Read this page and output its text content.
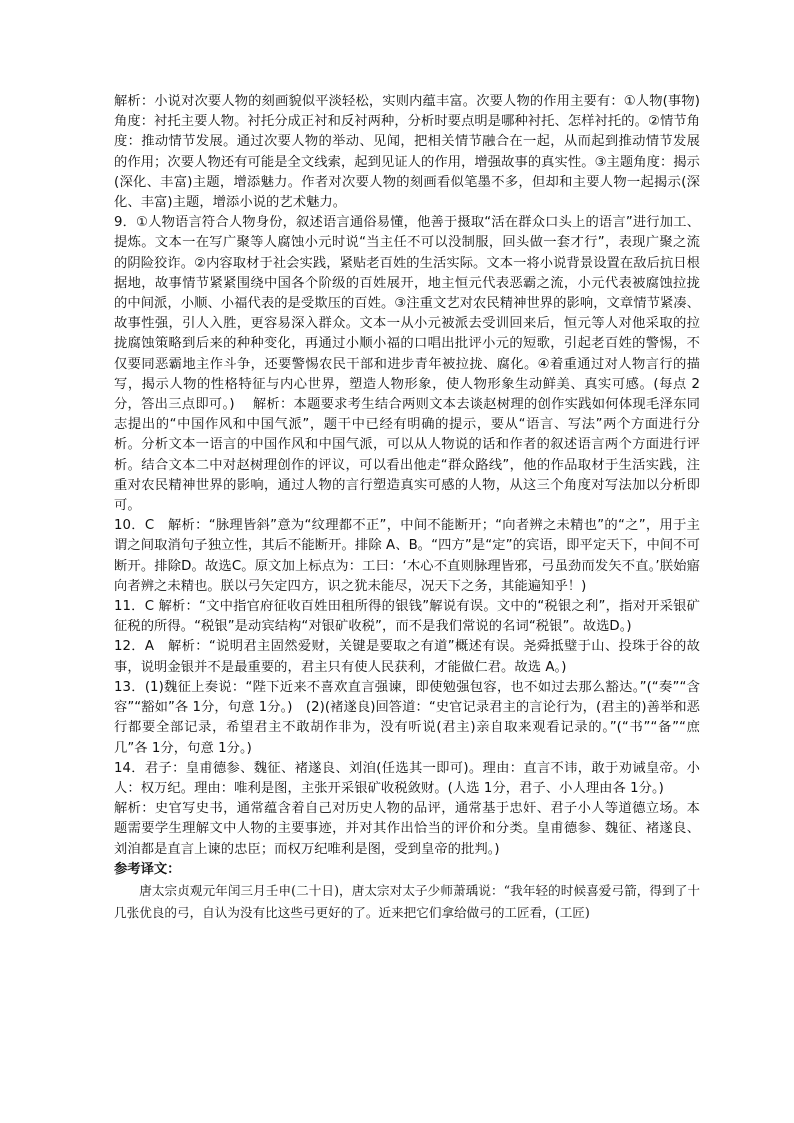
解析：小说对次要人物的刻画貌似平淡轻松，实则内蕴丰富。次要人物的作用主要有：①人物(事物)角度：衬托主要人物。衬托分成正衬和反衬两种，分析时要点明是哪种衬托、怎样衬托的。②情节角度：推动情节发展。通过次要人物的举动、见闻，把相关情节融合在一起，从而起到推动情节发展的作用；次要人物还有可能是全文线索，起到见证人的作用，增强故事的真实性。③主题角度：揭示(深化、丰富)主题，增添魅力。作者对次要人物的刻画看似笔墨不多，但却和主要人物一起揭示(深化、丰富)主题，增添小说的艺术魅力。

9．①人物语言符合人物身份，叙述语言通俗易懂，他善于摄取“活在群众口头上的语言”进行加工、提炼。文本一在写广聚等人腐蚀小元时说“当主任不可以没制服，回头做一套才行”，表现广聚之流的阴险狡诈。②内容取材于社会实践，紧贴老百姓的生活实际。文本一将小说背景设置在敌后抗日根据地，故事情节紧紧围绕中国各个阶级的百姓展开，地主恒元代表恶霸之流，小元代表被腐蚀拉拢的中间派，小顺、小福代表的是受欺压的百姓。③注重文艺对农民精神世界的影响，文章情节紧凑、故事性强，引人入胜，更容易深入群众。文本一从小元被派去受训回来后，恒元等人对他采取的拉拢腐蚀策略到后来的种种变化，再通过小顺小福的口唱出批评小元的短歌，引起老百姓的警惕，不仅要同恶霸地主作斗争，还要警惕农民干部和进步青年被拉拢、腐化。④着重通过对人物言行的描写，揭示人物的性格特征与内心世界，塑造人物形象，使人物形象生动鲜美、真实可感。(每点 2分，答出三点即可。)　 解析：本题要求考生结合两则文本去谈赵树理的创作实践如何体现毛泽东同志提出的“中国作风和中国气派”，题干中已经有明确的提示，要从“语言、写法”两个方面进行分析。分析文本一语言的中国作风和中国气派，可以从人物说的话和作者的叙述语言两个方面进行评析。结合文本二中对赵树理创作的评议，可以看出他走“群众路线”，他的作品取材于生活实践，注重对农民精神世界的影响，通过人物的言行塑造真实可感的人物，从这三个角度对写法加以分析即可。

10．C　解析：“脉理皆斜”意为“纹理都不正”，中间不能断开；“向者辨之未精也”的“之”，用于主谓之间取消句子独立性，其后不能断开。排除 A、B。“四方”是“定”的宾语，即平定天下，中间不可断开。排除D。故选C。原文加上标点为：工曰：‘木心不直则脉理皆邪，弓虽劲而发矢不直。’朕始寤向者辨之未精也。朕以弓矢定四方，识之犹未能尽，况天下之务，其能遍知乎！)

11．C 解析：“文中指官府征收百姓田租所得的银钱”解说有误。文中的“税银之利”，指对开采银矿征税的所得。“税银”是动宾结构“对银矿收税”，而不是我们常说的名词“税银”。故选D。)

12．A　解析：“说明君主固然爱财，关键是要取之有道”概述有误。尧舜抵璧于山、投珠于谷的故事，说明金银并不是最重要的，君主只有使人民获利，才能做仁君。故选 A。)

13．(1)魏征上奏说：“陛下近来不喜欢直言强谏，即使勉强包容，也不如过去那么豁达。”(“奏”“含容”“豁如”各 1分，句意 1分。)　(2)(褚遂良)回答道：“史官记录君主的言论行为，(君主的)善举和恶行都要全部记录，希望君主不敢胡作非为，没有听说(君主)亲自取来观看记录的。”(“书”“备”“庶几”各 1分，句意 1分。)

14．君子：皇甫德参、魏征、褚遂良、刘洎(任选其一即可)。理由：直言不讳，敢于劝诫皇帝。小人：权万纪。理由：唯利是图，主张开采银矿收税敛财。(人选 1分，君子、小人理由各 1分。)

解析：史官写史书，通常蕴含着自己对历史人物的品评，通常基于忠奸、君子小人等道德立场。本题需要学生理解文中人物的主要事迹，并对其作出恰当的评价和分类。皇甫德参、魏征、褚遂良、刘洎都是直言上谏的忠臣；而权万纪唯利是图，受到皇帝的批判。)

参考译文：

唐太宗贞观元年闰三月壬申(二十日)，唐太宗对太子少师萧瑀说：“我年轻的时候喜爱弓箭，得到了十几张优良的弓，自认为没有比这些弓更好的了。近来把它们拿给做弓的工匠看，(工匠)
